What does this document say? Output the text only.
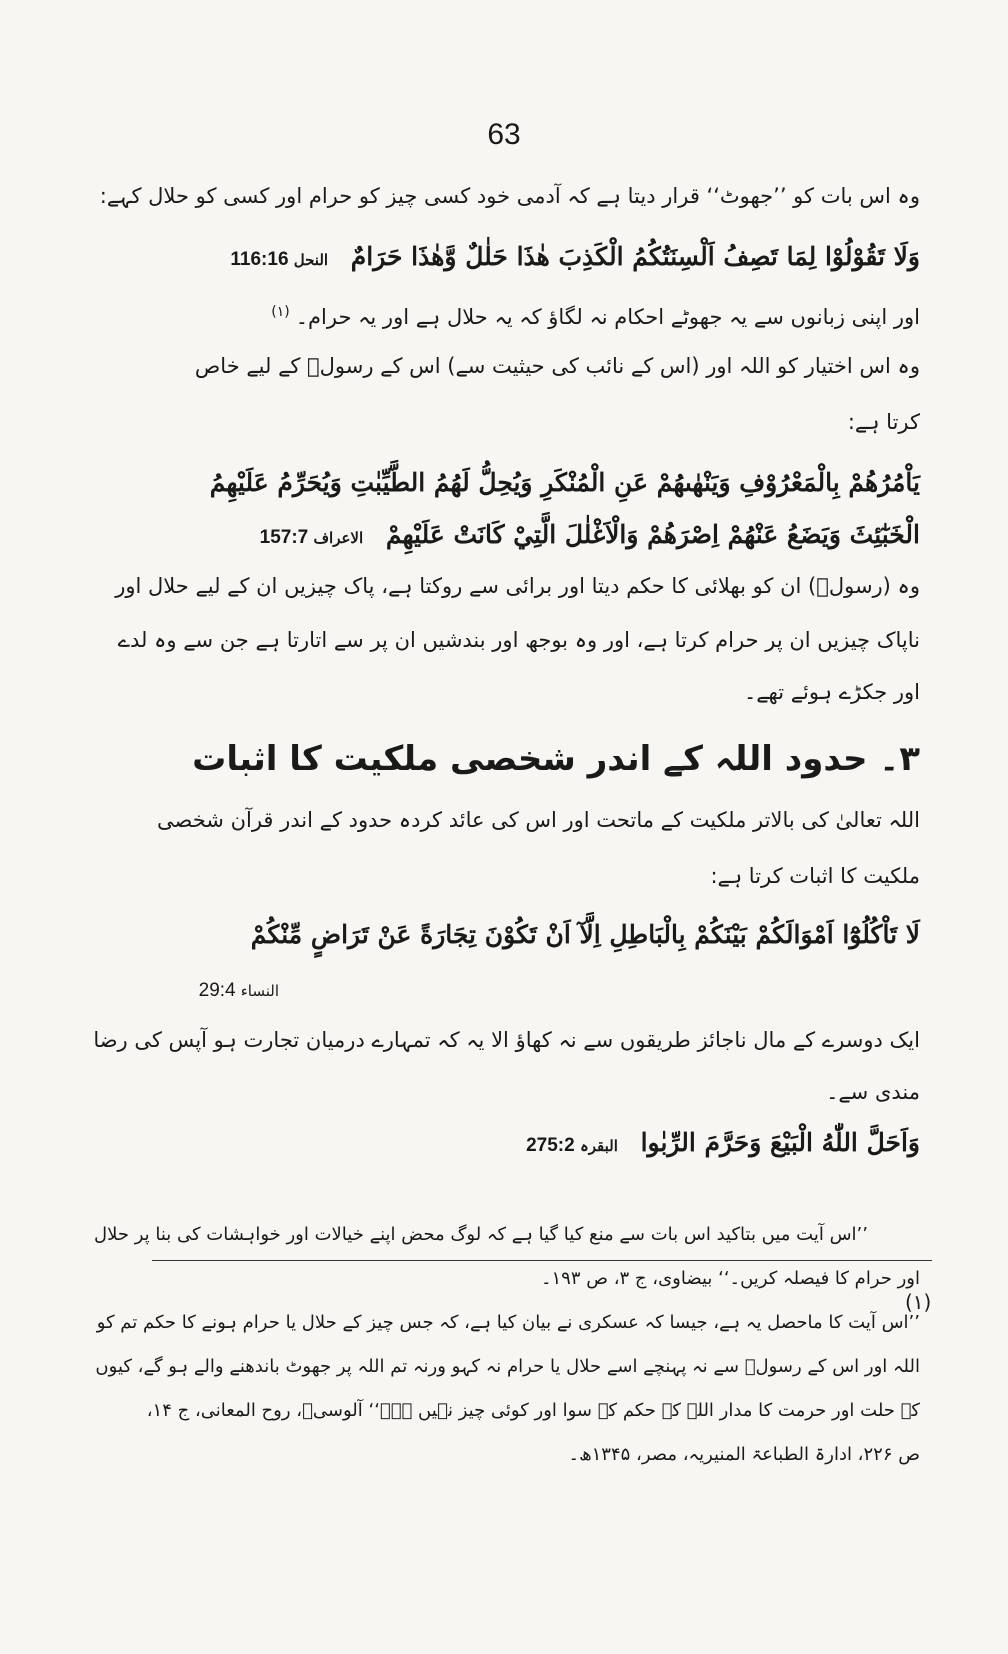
63
وہ اس بات کو ’’جھوٹ‘‘ قرار دیتا ہے کہ آدمی خود کسی چیز کو حرام اور کسی کو حلال کہے:
وَلَا تَقُوْلُوْا لِمَا تَصِفُ اَلْسِنَتُكُمُ الْكَذِبَ هٰذَا حَلٰلٌ وَّهٰذَا حَرَامٌ النحل 116:16
اور اپنی زبانوں سے یہ جھوٹے احکام نہ لگاؤ کہ یہ حلال ہے اور یہ حرام۔$^{(۱)}$
وہ اس اختیار کو اللہ اور (اس کے نائب کی حیثیت سے) اس کے رسولؐ کے لیے خاص
کرتا ہے:
يَاْمُرُهُمْ بِالْمَعْرُوْفِ وَيَنْهٰىهُمْ عَنِ الْمُنْكَرِ وَيُحِلُّ لَهُمُ الطَّيِّبٰتِ وَيُحَرِّمُ عَلَيْهِمُ
الْخَبٰٓئِثَ وَيَضَعُ عَنْهُمْ اِصْرَهُمْ وَالْاَغْلٰلَ الَّتِيْ كَانَتْ عَلَيْهِمْ الاعراف 157:7
وہ (رسولؐ) ان کو بھلائی کا حکم دیتا اور برائی سے روکتا ہے، پاک چیزیں ان کے لیے حلال اور
ناپاک چیزیں ان پر حرام کرتا ہے، اور وہ بوجھ اور بندشیں ان پر سے اتارتا ہے جن سے وہ لدے
اور جکڑے ہوئے تھے۔
۳۔ حدود اللہ کے اندر شخصی ملکیت کا اثبات
اللہ تعالیٰ کی بالاتر ملکیت کے ماتحت اور اس کی عائد کردہ حدود کے اندر قرآن شخصی
ملکیت کا اثبات کرتا ہے:
لَا تَاْكُلُوْٓا اَمْوَالَكُمْ بَيْنَكُمْ بِالْبَاطِلِ اِلَّآ اَنْ تَكُوْنَ تِجَارَةً عَنْ تَرَاضٍ مِّنْكُمْ
النساء 29:4
ایک دوسرے کے مال ناجائز طریقوں سے نہ کھاؤ الا یہ کہ تمہارے درمیان تجارت ہو آپس کی رضا
مندی سے۔
وَاَحَلَّ اللّٰهُ الْبَيْعَ وَحَرَّمَ الرِّبٰوا البقرہ 275:2
(۱)
’’اس آیت میں بتاکید اس بات سے منع کیا گیا ہے کہ لوگ محض اپنے خیالات اور خواہشات کی بنا پر حلال
اور حرام کا فیصلہ کریں۔‘‘ بیضاوی، ج ۳، ص ۱۹۳۔
’’اس آیت کا ماحصل یہ ہے، جیسا کہ عسکری نے بیان کیا ہے، کہ جس چیز کے حلال یا حرام ہونے کا حکم تم کو
اللہ اور اس کے رسولؐ سے نہ پہنچے اسے حلال یا حرام نہ کہو ورنہ تم اللہ پر جھوٹ باندھنے والے ہو گے، کیوں
کہ حلت اور حرمت کا مدار اللہ کے حکم کے سوا اور کوئی چیز نہیں ہے۔‘‘ آلوسیؒ، روح المعانی، ج ۱۴،
ص ۲۲۶، ادارۃ الطباعۃ المنیریہ، مصر، ۱۳۴۵ھ۔
